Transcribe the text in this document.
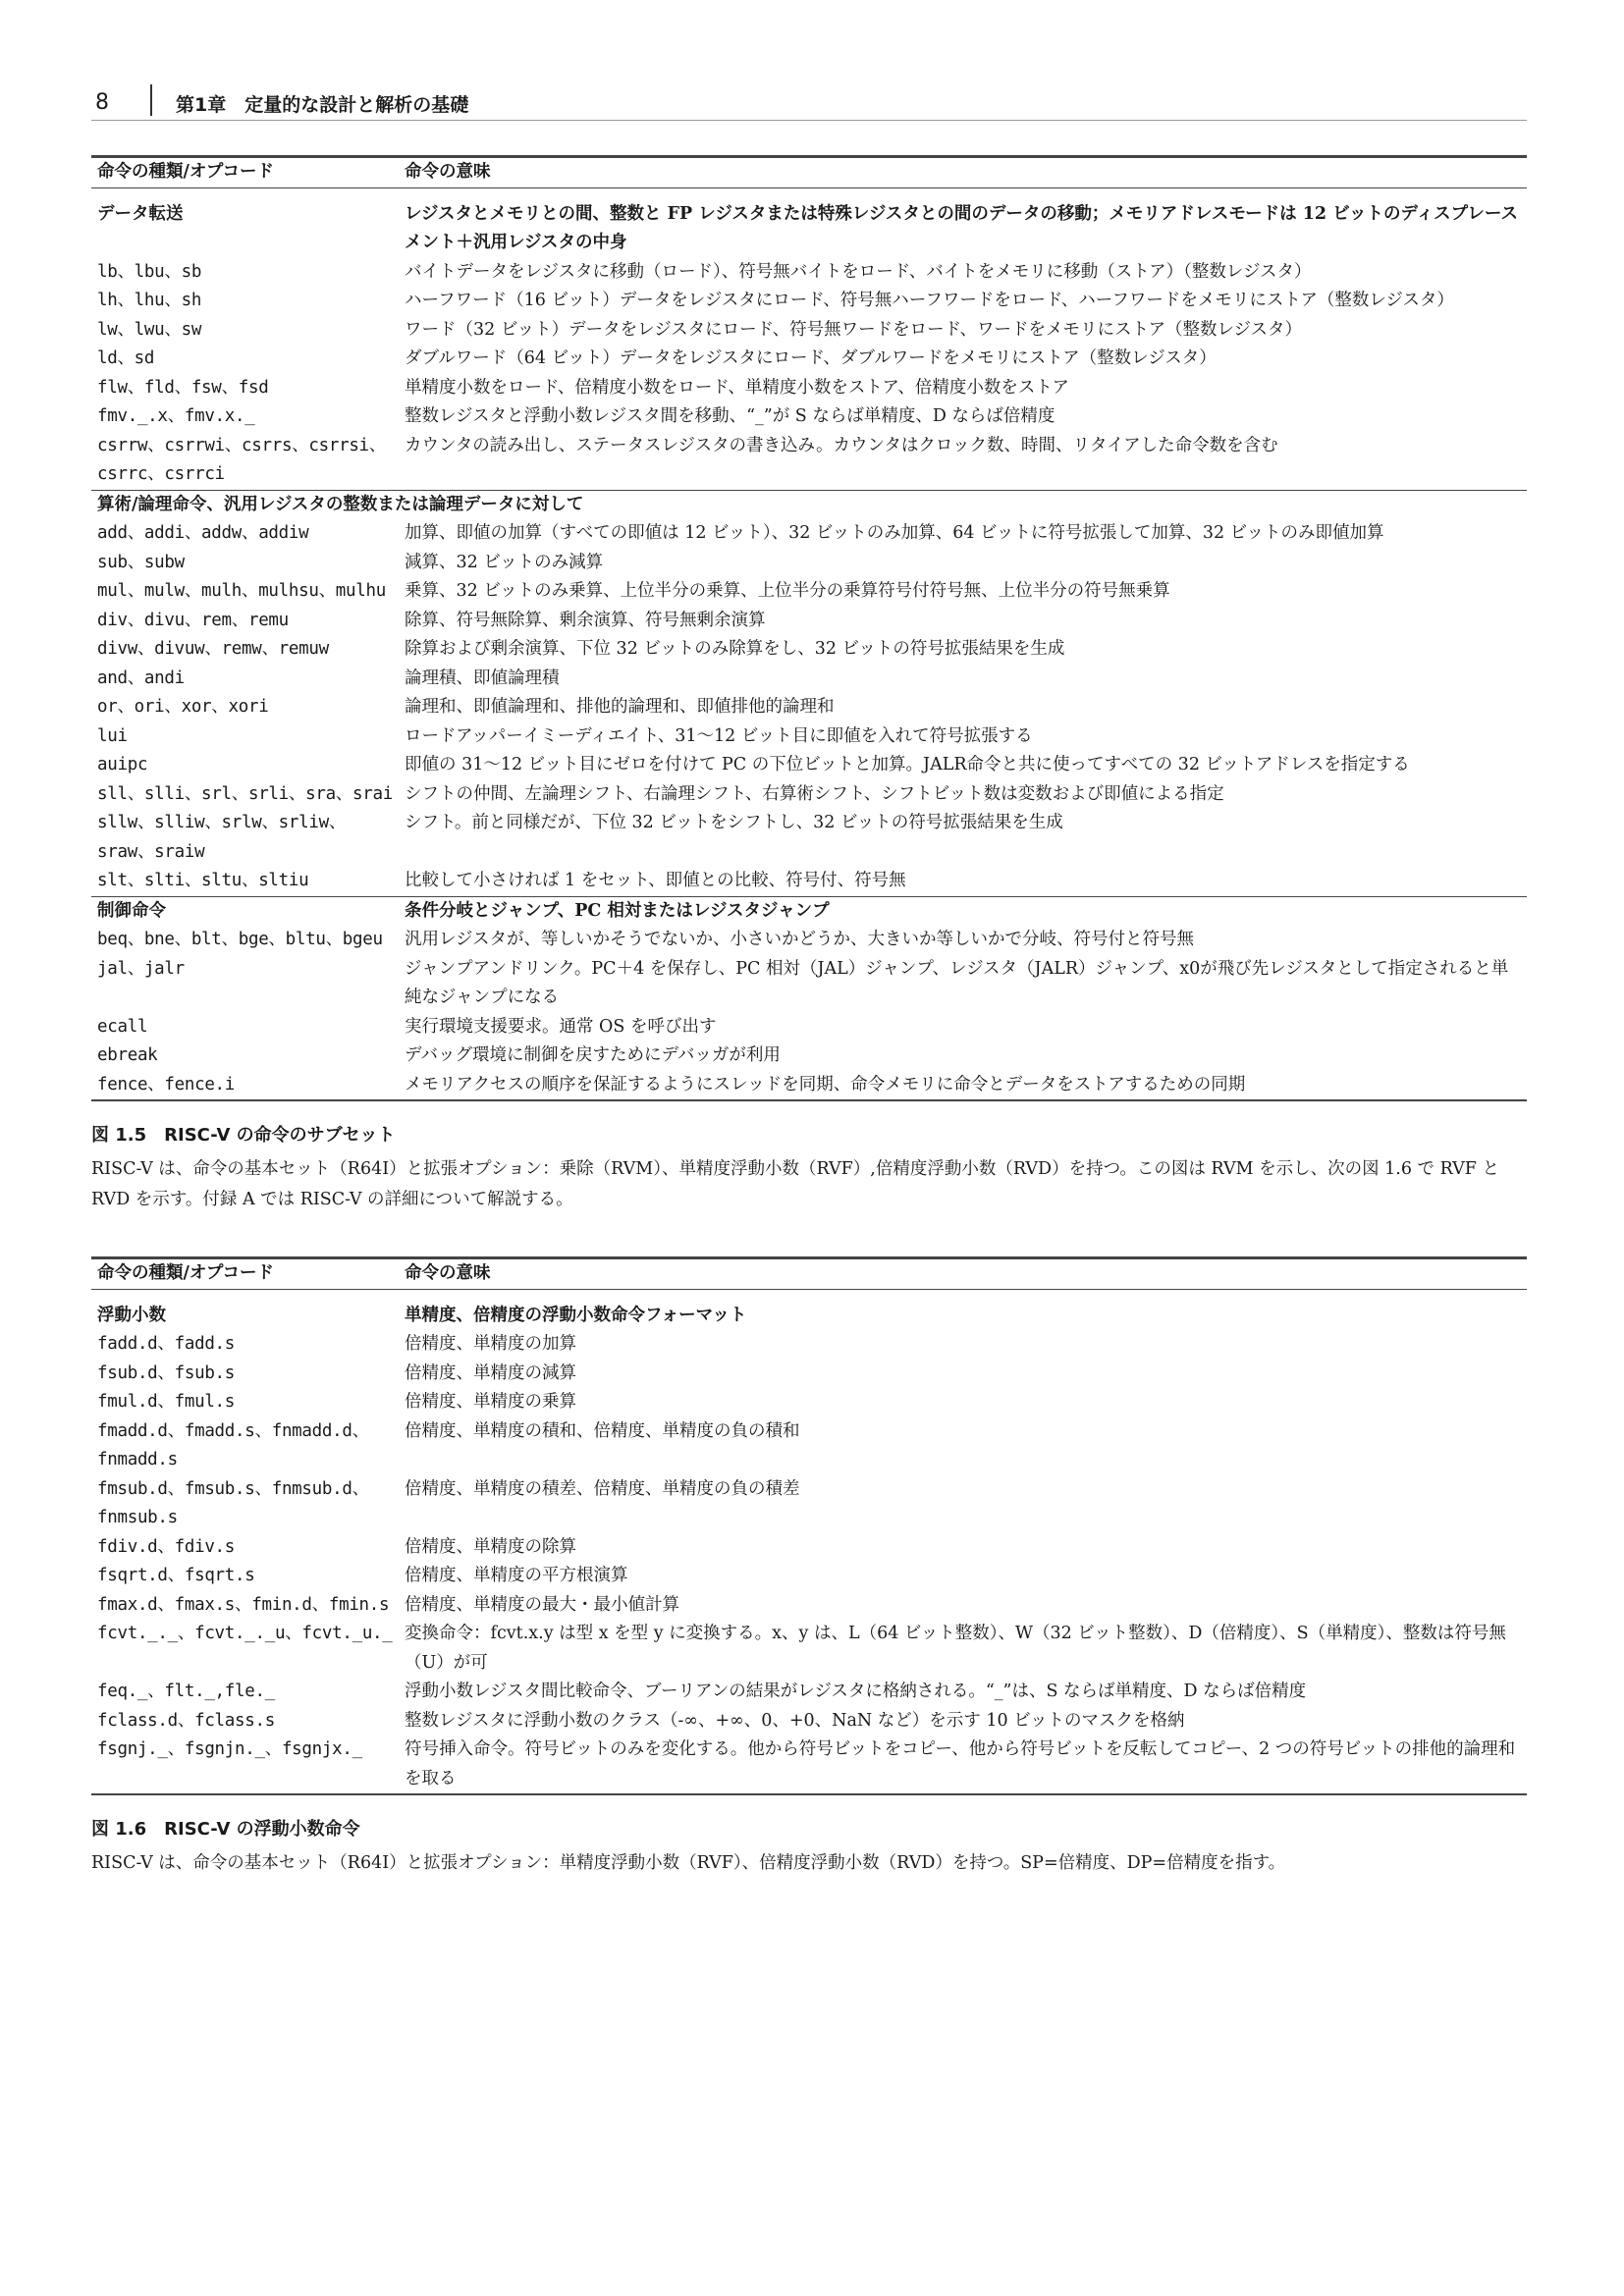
8	第1章　定量的な設計と解析の基礎
命令の種類/オプコード	命令の意味

データ転送	レジスタとメモリとの間、整数と FP レジスタまたは特殊レジスタとの間のデータの移動；メモリアドレスモードは 12 ビットのディスプレースメント＋汎用レジスタの中身
lb、lbu、sb	バイトデータをレジスタに移動（ロード）、符号無バイトをロード、バイトをメモリに移動（ストア）（整数レジスタ）
lh、lhu、sh	ハーフワード（16 ビット）データをレジスタにロード、符号無ハーフワードをロード、ハーフワードをメモリにストア（整数レジスタ）
lw、lwu、sw	ワード（32 ビット）データをレジスタにロード、符号無ワードをロード、ワードをメモリにストア（整数レジスタ）
ld、sd	ダブルワード（64 ビット）データをレジスタにロード、ダブルワードをメモリにストア（整数レジスタ）
flw、fld、fsw、fsd	単精度小数をロード、倍精度小数をロード、単精度小数をストア、倍精度小数をストア
fmv._.x、fmv.x._	整数レジスタと浮動小数レジスタ間を移動、“_”が S ならば単精度、D ならば倍精度
csrrw、csrrwi、csrrs、csrrsi、csrrc、csrrci	カウンタの読み出し、ステータスレジスタの書き込み。カウンタはクロック数、時間、リタイアした命令数を含む
算術/論理命令、汎用レジスタの整数または論理データに対して	
add、addi、addw、addiw	加算、即値の加算（すべての即値は 12 ビット）、32 ビットのみ加算、64 ビットに符号拡張して加算、32 ビットのみ即値加算
sub、subw	減算、32 ビットのみ減算
mul、mulw、mulh、mulhsu、mulhu	乗算、32 ビットのみ乗算、上位半分の乗算、上位半分の乗算符号付符号無、上位半分の符号無乗算
div、divu、rem、remu	除算、符号無除算、剰余演算、符号無剰余演算
divw、divuw、remw、remuw	除算および剰余演算、下位 32 ビットのみ除算をし、32 ビットの符号拡張結果を生成
and、andi	論理積、即値論理積
or、ori、xor、xori	論理和、即値論理和、排他的論理和、即値排他的論理和
lui	ロードアッパーイミーディエイト、31～12 ビット目に即値を入れて符号拡張する
auipc	即値の 31～12 ビット目にゼロを付けて PC の下位ビットと加算。JALR命令と共に使ってすべての 32 ビットアドレスを指定する
sll、slli、srl、srli、sra、srai	シフトの仲間、左論理シフト、右論理シフト、右算術シフト、シフトビット数は変数および即値による指定
sllw、slliw、srlw、srliw、sraw、sraiw	シフト。前と同様だが、下位 32 ビットをシフトし、32 ビットの符号拡張結果を生成
slt、slti、sltu、sltiu	比較して小さければ 1 をセット、即値との比較、符号付、符号無
制御命令	条件分岐とジャンプ、PC 相対またはレジスタジャンプ
beq、bne、blt、bge、bltu、bgeu	汎用レジスタが、等しいかそうでないか、小さいかどうか、大きいか等しいかで分岐、符号付と符号無
jal、jalr	ジャンプアンドリンク。PC＋4 を保存し、PC 相対（JAL）ジャンプ、レジスタ（JALR）ジャンプ、x0が飛び先レジスタとして指定されると単純なジャンプになる
ecall	実行環境支援要求。通常 OS を呼び出す
ebreak	デバッグ環境に制御を戻すためにデバッガが利用
fence、fence.i	メモリアクセスの順序を保証するようにスレッドを同期、命令メモリに命令とデータをストアするための同期
図 1.5　RISC-V の命令のサブセット
RISC-V は、命令の基本セット（R64I）と拡張オプション：乗除（RVM）、単精度浮動小数（RVF）,倍精度浮動小数（RVD）を持つ。この図は RVM を示し、次の図 1.6 で RVF と RVD を示す。付録 A では RISC-V の詳細について解説する。
命令の種類/オプコード	命令の意味

浮動小数	単精度、倍精度の浮動小数命令フォーマット
fadd.d、fadd.s	倍精度、単精度の加算
fsub.d、fsub.s	倍精度、単精度の減算
fmul.d、fmul.s	倍精度、単精度の乗算
fmadd.d、fmadd.s、fnmadd.d、fnmadd.s	倍精度、単精度の積和、倍精度、単精度の負の積和
fmsub.d、fmsub.s、fnmsub.d、fnmsub.s	倍精度、単精度の積差、倍精度、単精度の負の積差
fdiv.d、fdiv.s	倍精度、単精度の除算
fsqrt.d、fsqrt.s	倍精度、単精度の平方根演算
fmax.d、fmax.s、fmin.d、fmin.s	倍精度、単精度の最大・最小値計算
fcvt._._、fcvt._._u、fcvt._u._	変換命令：fcvt.x.y は型 x を型 y に変換する。x、y は、L（64 ビット整数）、W（32 ビット整数）、D（倍精度）、S（単精度）、整数は符号無（U）が可
feq._、flt._,fle._	浮動小数レジスタ間比較命令、ブーリアンの結果がレジスタに格納される。“_”は、S ならば単精度、D ならば倍精度
fclass.d、fclass.s	整数レジスタに浮動小数のクラス（-∞、+∞、0、+0、NaN など）を示す 10 ビットのマスクを格納
fsgnj._、fsgnjn._、fsgnjx._	符号挿入命令。符号ビットのみを変化する。他から符号ビットをコピー、他から符号ビットを反転してコピー、2 つの符号ビットの排他的論理和を取る
図 1.6　RISC-V の浮動小数命令
RISC-V は、命令の基本セット（R64I）と拡張オプション：単精度浮動小数（RVF）、倍精度浮動小数（RVD）を持つ。SP=倍精度、DP=倍精度を指す。
